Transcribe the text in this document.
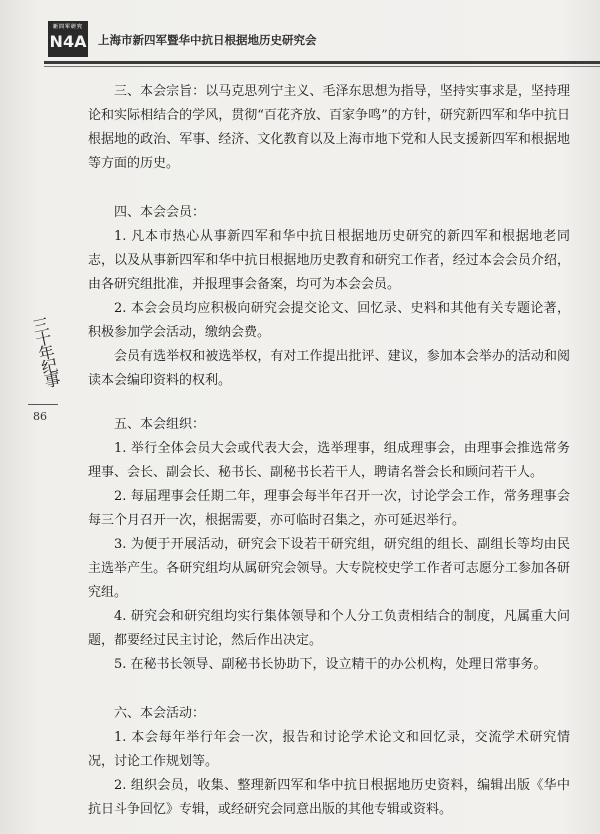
新四军研究
N4A 上海市新四军暨华中抗日根据地历史研究会
三十年纪事
86

三、本会宗旨：以马克思列宁主义、毛泽东思想为指导，坚持实事求是，坚持理论和实际相结合的学风，贯彻“百花齐放、百家争鸣”的方针，研究新四军和华中抗日根据地的政治、军事、经济、文化教育以及上海市地下党和人民支援新四军和根据地等方面的历史。

四、本会会员：

1. 凡本市热心从事新四军和华中抗日根据地历史研究的新四军和根据地老同志，以及从事新四军和华中抗日根据地历史教育和研究工作者，经过本会会员介绍，由各研究组批准，并报理事会备案，均可为本会会员。

2. 本会会员均应积极向研究会提交论文、回忆录、史料和其他有关专题论著，积极参加学会活动，缴纳会费。

会员有选举权和被选举权，有对工作提出批评、建议，参加本会举办的活动和阅读本会编印资料的权利。

五、本会组织：

1. 举行全体会员大会或代表大会，选举理事，组成理事会，由理事会推选常务理事、会长、副会长、秘书长、副秘书长若干人，聘请名誉会长和顾问若干人。

2. 每届理事会任期二年，理事会每半年召开一次，讨论学会工作，常务理事会每三个月召开一次，根据需要，亦可临时召集之，亦可延迟举行。

3. 为便于开展活动，研究会下设若干研究组，研究组的组长、副组长等均由民主选举产生。各研究组均从属研究会领导。大专院校史学工作者可志愿分工参加各研究组。

4. 研究会和研究组均实行集体领导和个人分工负责相结合的制度，凡属重大问题，都要经过民主讨论，然后作出决定。

5. 在秘书长领导、副秘书长协助下，设立精干的办公机构，处理日常事务。

六、本会活动：

1. 本会每年举行年会一次，报告和讨论学术论文和回忆录，交流学术研究情况，讨论工作规划等。

2. 组织会员，收集、整理新四军和华中抗日根据地历史资料，编辑出版《华中抗日斗争回忆》专辑，或经研究会同意出版的其他专辑或资料。
